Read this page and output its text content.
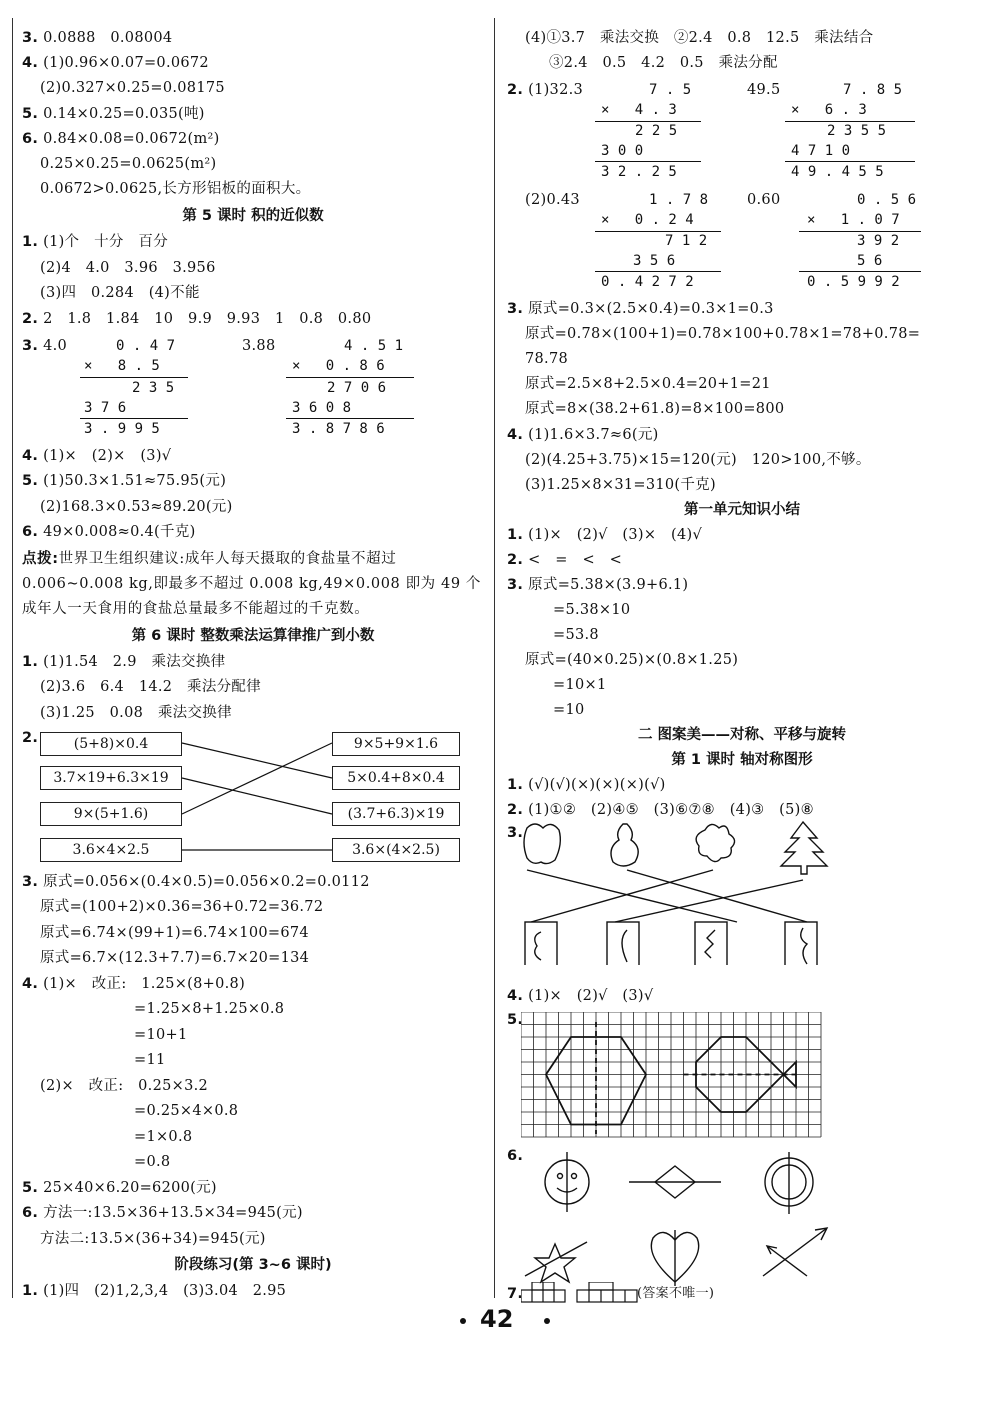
3. 0.0888   0.08004
4. (1)0.96×0.07=0.0672
(2)0.327×0.25=0.08175
5. 0.14×0.25=0.035(吨)
6. 0.84×0.08=0.0672(m²)
0.25×0.25=0.0625(m²)
0.0672>0.0625,长方形铝板的面积大。
第 5 课时 积的近似数
1. (1)个   十分   百分
(2)4   4.0   3.96   3.956
(3)四   0.284   (4)不能
2. 2   1.8   1.84   10   9.9   9.93   1   0.8   0.80
3. 4.0	3.88
0 . 4 7
×   8 . 5
2 3 5
3 7 6
3 . 9 9 5
4 . 5 1
×   0 . 8 6
2 7 0 6
3 6 0 8
3 . 8 7 8 6
4. (1)×   (2)×   (3)√
5. (1)50.3×1.51≈75.95(元)
(2)168.3×0.53≈89.20(元)
6. 49×0.008≈0.4(千克)
点拨:世界卫生组织建议:成年人每天摄取的食盐量不超过0.006~0.008 kg,即最多不超过 0.008 kg,49×0.008 即为 49 个成年人一天食用的食盐总量最多不能超过的千克数。
第 6 课时 整数乘法运算律推广到小数
1. (1)1.54   2.9   乘法交换律
(2)3.6   6.4   14.2   乘法分配律
(3)1.25   0.08   乘法交换律
2.	(5+8)×0.4
3.7×19+6.3×19
9×(5+1.6)
3.6×4×2.5
9×5+9×1.6
5×0.4+8×0.4
(3.7+6.3)×19
3.6×(4×2.5)
3. 原式=0.056×(0.4×0.5)=0.056×0.2=0.0112
原式=(100+2)×0.36=36+0.72=36.72
原式=6.74×(99+1)=6.74×100=674
原式=6.7×(12.3+7.7)=6.7×20=134
4. (1)×   改正:   1.25×(8+0.8)
=1.25×8+1.25×0.8
=10+1
=11
(2)×   改正:   0.25×3.2
=0.25×4×0.8
=1×0.8
=0.8
5. 25×40×6.20=6200(元)
6. 方法一:13.5×36+13.5×34=945(元)
方法二:13.5×(36+34)=945(元)
阶段练习(第 3~6 课时)
1. (1)四   (2)1,2,3,4   (3)3.04   2.95
(4)①3.7   乘法交换   ②2.4   0.8   12.5   乘法结合
③2.4   0.5   4.2   0.5   乘法分配
2. (1)32.3	49.5
7 . 5
×   4 . 3
2 2 5
3 0 0
3 2 . 2 5
7 . 8 5
×   6 . 3
2 3 5 5
4 7 1 0
4 9 . 4 5 5
(2)0.43	0.60
1 . 7 8
×   0 . 2 4
7 1 2
3 5 6
0 . 4 2 7 2
0 . 5 6
×   1 . 0 7
3 9 2
5 6
0 . 5 9 9 2
3. 原式=0.3×(2.5×0.4)=0.3×1=0.3
原式=0.78×(100+1)=0.78×100+0.78×1=78+0.78=
78.78
原式=2.5×8+2.5×0.4=20+1=21
原式=8×(38.2+61.8)=8×100=800
4. (1)1.6×3.7≈6(元)
(2)(4.25+3.75)×15=120(元)   120>100,不够。
(3)1.25×8×31=310(千克)
第一单元知识小结
1. (1)×   (2)√   (3)×   (4)√
2. <   =   <   <
3. 原式=5.38×(3.9+6.1)
=5.38×10
=53.8
原式=(40×0.25)×(0.8×1.25)
=10×1
=10
二 图案美——对称、平移与旋转
第 1 课时 轴对称图形
1. (√)(√)(×)(×)(×)(√)
2. (1)①②   (2)④⑤   (3)⑥⑦⑧   (4)③   (5)⑧
3.
4. (1)×   (2)√   (3)√
5.
6.
7.	(答案不唯一)
42
